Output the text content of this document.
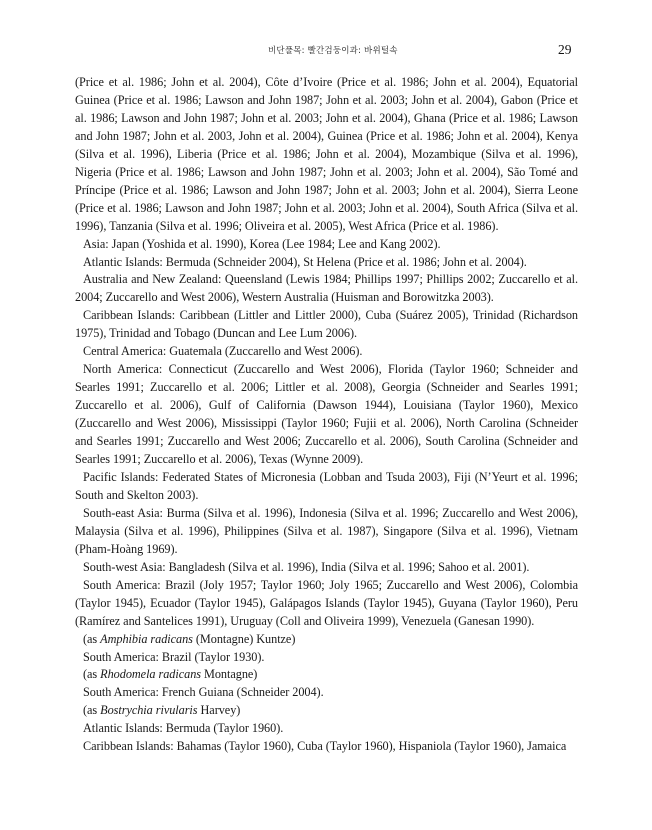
비단풀목: 빨간검둥이과: 바위털속	29

(Price et al. 1986; John et al. 2004), Côte d’Ivoire (Price et al. 1986; John et al. 2004), Equatorial Guinea (Price et al. 1986; Lawson and John 1987; John et al. 2003; John et al. 2004), Gabon (Price et al. 1986; Lawson and John 1987; John et al. 2003; John et al. 2004), Ghana (Price et al. 1986; Lawson and John 1987; John et al. 2003, John et al. 2004), Guinea (Price et al. 1986; John et al. 2004), Kenya (Silva et al. 1996), Liberia (Price et al. 1986; John et al. 2004), Mozambique (Silva et al. 1996), Nigeria (Price et al. 1986; Lawson and John 1987; John et al. 2003; John et al. 2004), São Tomé and Príncipe (Price et al. 1986; Lawson and John 1987; John et al. 2003; John et al. 2004), Sierra Leone (Price et al. 1986; Lawson and John 1987; John et al. 2003; John et al. 2004), South Africa (Silva et al. 1996), Tanzania (Silva et al. 1996; Oliveira et al. 2005), West Africa (Price et al. 1986).

Asia: Japan (Yoshida et al. 1990), Korea (Lee 1984; Lee and Kang 2002).

Atlantic Islands: Bermuda (Schneider 2004), St Helena (Price et al. 1986; John et al. 2004).

Australia and New Zealand: Queensland (Lewis 1984; Phillips 1997; Phillips 2002; Zuccarello et al. 2004; Zuccarello and West 2006), Western Australia (Huisman and Borowitzka 2003).

Caribbean Islands: Caribbean (Littler and Littler 2000), Cuba (Suárez 2005), Trinidad (Richardson 1975), Trinidad and Tobago (Duncan and Lee Lum 2006).

Central America: Guatemala (Zuccarello and West 2006).

North America: Connecticut (Zuccarello and West 2006), Florida (Taylor 1960; Schneider and Searles 1991; Zuccarello et al. 2006; Littler et al. 2008), Georgia (Schneider and Searles 1991; Zuccarello et al. 2006), Gulf of California (Dawson 1944), Louisiana (Taylor 1960), Mexico (Zuccarello and West 2006), Mississippi (Taylor 1960; Fujii et al. 2006), North Carolina (Schneider and Searles 1991; Zuccarello and West 2006; Zuccarello et al. 2006), South Carolina (Schneider and Searles 1991; Zuccarello et al. 2006), Texas (Wynne 2009).

Pacific Islands: Federated States of Micronesia (Lobban and Tsuda 2003), Fiji (N’Yeurt et al. 1996; South and Skelton 2003).

South-east Asia: Burma (Silva et al. 1996), Indonesia (Silva et al. 1996; Zuccarello and West 2006), Malaysia (Silva et al. 1996), Philippines (Silva et al. 1987), Singapore (Silva et al. 1996), Vietnam (Pham-Hoàng 1969).

South-west Asia: Bangladesh (Silva et al. 1996), India (Silva et al. 1996; Sahoo et al. 2001).

South America: Brazil (Joly 1957; Taylor 1960; Joly 1965; Zuccarello and West 2006), Colombia (Taylor 1945), Ecuador (Taylor 1945), Galápagos Islands (Taylor 1945), Guyana (Taylor 1960), Peru (Ramírez and Santelices 1991), Uruguay (Coll and Oliveira 1999), Venezuela (Ganesan 1990).

(as Amphibia radicans (Montagne) Kuntze)

South America: Brazil (Taylor 1930).

(as Rhodomela radicans Montagne)

South America: French Guiana (Schneider 2004).

(as Bostrychia rivularis Harvey)

Atlantic Islands: Bermuda (Taylor 1960).

Caribbean Islands: Bahamas (Taylor 1960), Cuba (Taylor 1960), Hispaniola (Taylor 1960), Jamaica
